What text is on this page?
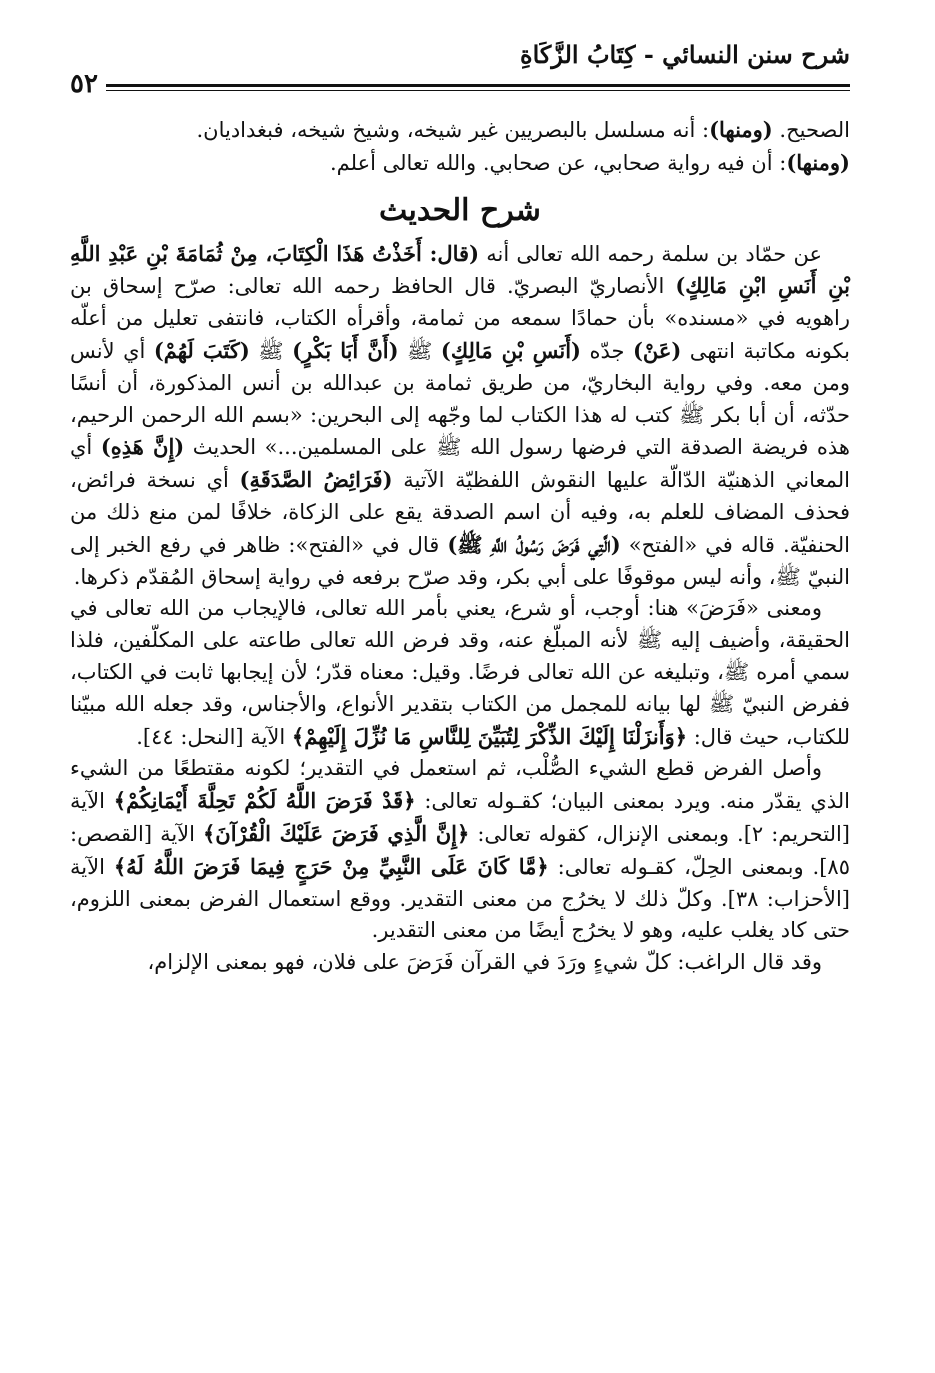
شرح سنن النسائي - كِتَابُ الزَّكَاةِ
٥٢

الصحيح. (ومنها): أنه مسلسل بالبصريين غير شيخه، وشيخ شيخه، فبغداديان.

(ومنها): أن فيه رواية صحابي، عن صحابي. والله تعالى أعلم.

شرح الحديث

عن حمّاد بن سلمة رحمه الله تعالى أنه (قال: أَخَذْتُ هَذَا الْكِتَابَ، مِنْ ثُمَامَةَ بْنِ عَبْدِ اللَّهِ بْنِ أَنَسِ ابْنِ مَالِكٍ) الأنصاريّ البصريّ. قال الحافظ رحمه الله تعالى: صرّح إسحاق بن راهويه في «مسنده» بأن حمادًا سمعه من ثمامة، وأقرأه الكتاب، فانتفى تعليل من أعلّه بكونه مكاتبة انتهى (عَنْ) جدّه (أَنَسِ بْنِ مَالِكٍ) ﷺ (أَنَّ أَبَا بَكْرٍ) ﷺ (كَتَبَ لَهُمْ) أي لأنس ومن معه. وفي رواية البخاريّ، من طريق ثمامة بن عبدالله بن أنس المذكورة، أن أنسًا حدّثه، أن أبا بكر ﷺ كتب له هذا الكتاب لما وجّهه إلى البحرين: «بسم الله الرحمن الرحيم، هذه فريضة الصدقة التي فرضها رسول الله ﷺ على المسلمين...» الحديث (إِنَّ هَذِهِ) أي المعاني الذهنيّة الدّالّة عليها النقوش اللفظيّة الآتية (فَرَائِضُ الصَّدَقَةِ) أي نسخة فرائض، فحذف المضاف للعلم به، وفيه أن اسم الصدقة يقع على الزكاة، خلافًا لمن منع ذلك من الحنفيّة. قاله في «الفتح» (الَّتِي فَرَضَ رَسُولُ اللَّهِ ﷺ) قال في «الفتح»: ظاهر في رفع الخبر إلى النبيّ ﷺ، وأنه ليس موقوفًا على أبي بكر، وقد صرّح برفعه في رواية إسحاق المُقدّم ذكرها.

ومعنى «فَرَضَ» هنا: أوجب، أو شرع، يعني بأمر الله تعالى، فالإيجاب من الله تعالى في الحقيقة، وأضيف إليه ﷺ لأنه المبلّغ عنه، وقد فرض الله تعالى طاعته على المكلّفين، فلذا سمي أمره ﷺ، وتبليغه عن الله تعالى فرضًا. وقيل: معناه قدّر؛ لأن إيجابها ثابت في الكتاب، ففرض النبيّ ﷺ لها بيانه للمجمل من الكتاب بتقدير الأنواع، والأجناس، وقد جعله الله مبيّنا للكتاب، حيث قال: ﴿وَأَنزَلْنَا إِلَيْكَ الذِّكْرَ لِتُبَيِّنَ لِلنَّاسِ مَا نُزِّلَ إِلَيْهِمْ﴾ الآية [النحل: ٤٤].

وأصل الفرض قطع الشيء الصُّلْب، ثم استعمل في التقدير؛ لكونه مقتطعًا من الشيء الذي يقدّر منه. ويرد بمعنى البيان؛ كقـوله تعالى: ﴿قَدْ فَرَضَ اللَّهُ لَكُمْ تَحِلَّةَ أَيْمَانِكُمْ﴾ الآية [التحريم: ٢]. وبمعنى الإنزال، كقوله تعالى: ﴿إِنَّ الَّذِي فَرَضَ عَلَيْكَ الْقُرْآنَ﴾ الآية [القصص: ٨٥]. وبمعنى الحِلّ، كقـوله تعالى: ﴿مَّا كَانَ عَلَى النَّبِيِّ مِنْ حَرَجٍ فِيمَا فَرَضَ اللَّهُ لَهُ﴾ الآية [الأحزاب: ٣٨]. وكلّ ذلك لا يخرُج من معنى التقدير. ووقع استعمال الفرض بمعنى اللزوم، حتى كاد يغلب عليه، وهو لا يخرُج أيضًا من معنى التقدير.

وقد قال الراغب: كلّ شيءٍ ورَدَ في القرآن فَرَضَ على فلان، فهو بمعنى الإلزام،
